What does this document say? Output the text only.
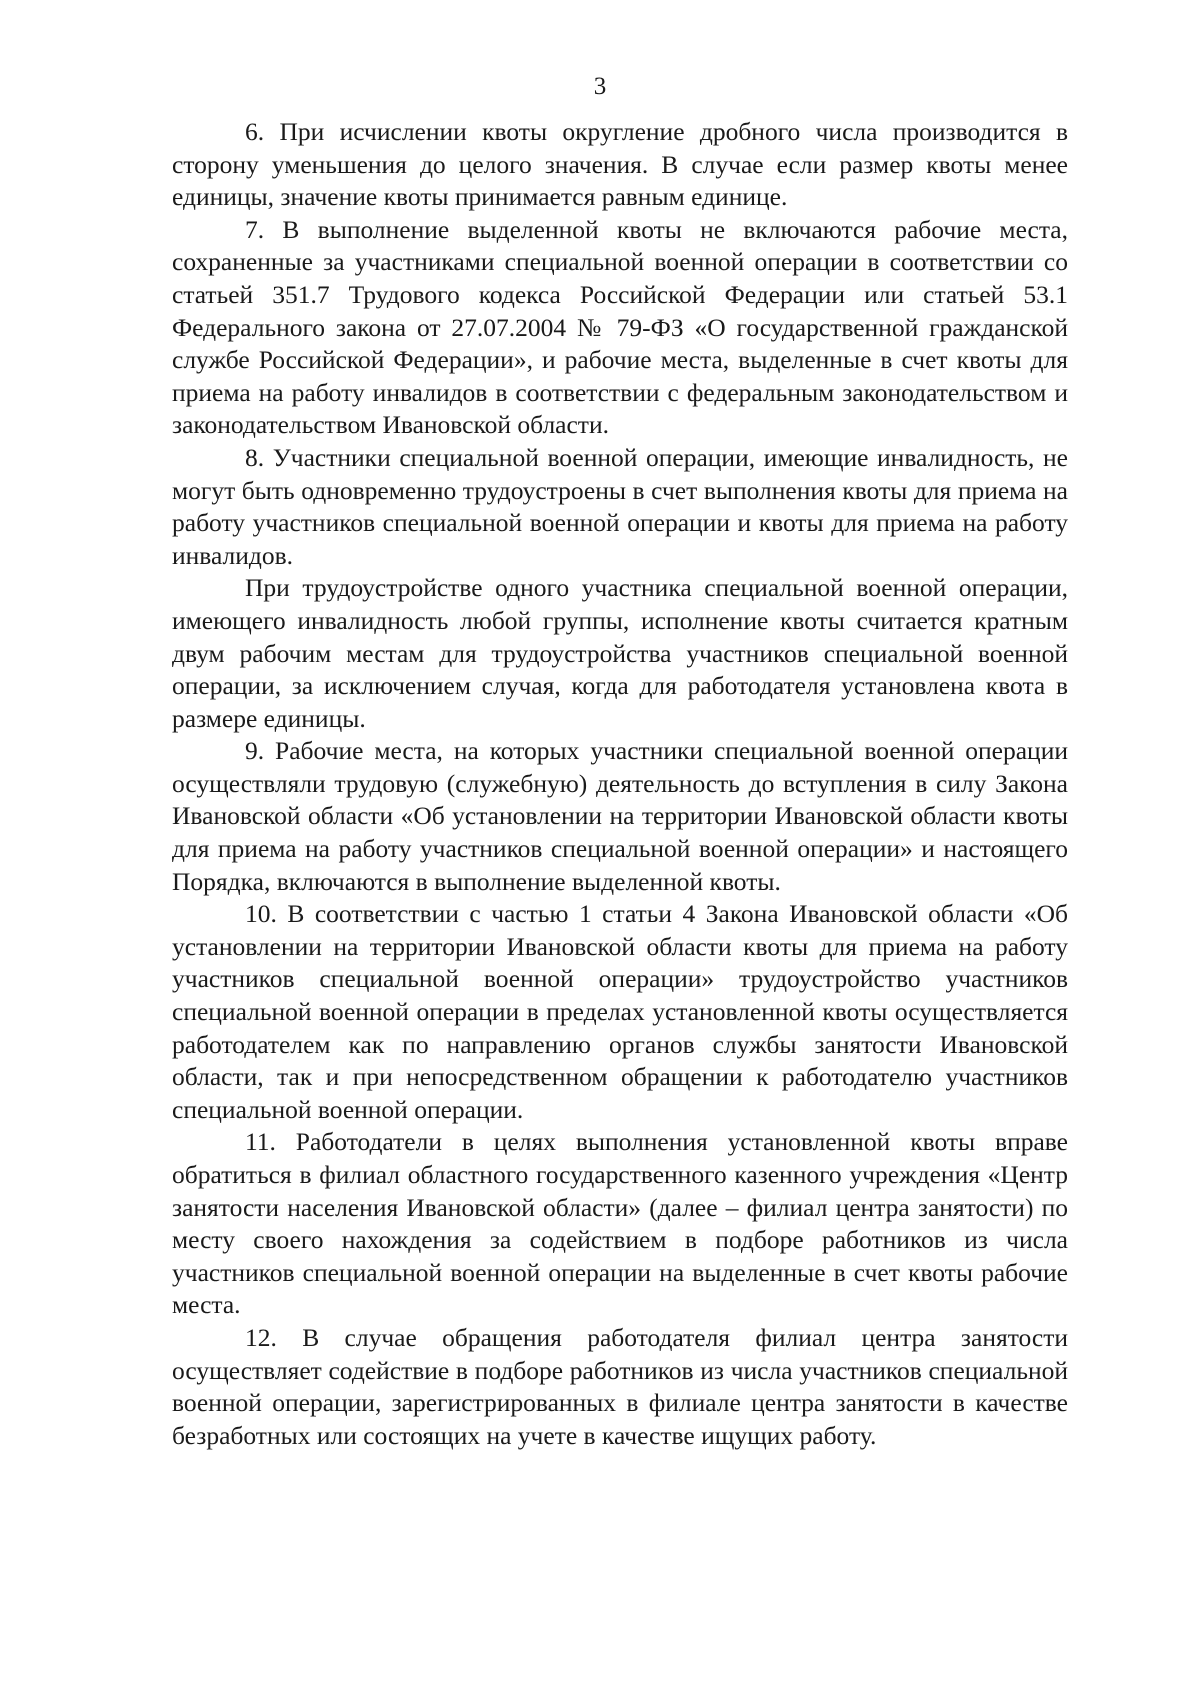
3

6. При исчислении квоты округление дробного числа производится в сторону уменьшения до целого значения. В случае если размер квоты менее единицы, значение квоты принимается равным единице.

7. В выполнение выделенной квоты не включаются рабочие места, сохраненные за участниками специальной военной операции в соответствии со статьей 351.7 Трудового кодекса Российской Федерации или статьей 53.1 Федерального закона от 27.07.2004 № 79-ФЗ «О государственной гражданской службе Российской Федерации», и рабочие места, выделенные в счет квоты для приема на работу инвалидов в соответствии с федеральным законодательством и законодательством Ивановской области.

8. Участники специальной военной операции, имеющие инвалидность, не могут быть одновременно трудоустроены в счет выполнения квоты для приема на работу участников специальной военной операции и квоты для приема на работу инвалидов.

При трудоустройстве одного участника специальной военной операции, имеющего инвалидность любой группы, исполнение квоты считается кратным двум рабочим местам для трудоустройства участников специальной военной операции, за исключением случая, когда для работодателя установлена квота в размере единицы.

9. Рабочие места, на которых участники специальной военной операции осуществляли трудовую (служебную) деятельность до вступления в силу Закона Ивановской области «Об установлении на территории Ивановской области квоты для приема на работу участников специальной военной операции» и настоящего Порядка, включаются в выполнение выделенной квоты.

10. В соответствии с частью 1 статьи 4 Закона Ивановской области «Об установлении на территории Ивановской области квоты для приема на работу участников специальной военной операции» трудоустройство участников специальной военной операции в пределах установленной квоты осуществляется работодателем как по направлению органов службы занятости Ивановской области, так и при непосредственном обращении к работодателю участников специальной военной операции.

11. Работодатели в целях выполнения установленной квоты вправе обратиться в филиал областного государственного казенного учреждения «Центр занятости населения Ивановской области» (далее – филиал центра занятости) по месту своего нахождения за содействием в подборе работников из числа участников специальной военной операции на выделенные в счет квоты рабочие места.

12. В случае обращения работодателя филиал центра занятости осуществляет содействие в подборе работников из числа участников специальной военной операции, зарегистрированных в филиале центра занятости в качестве безработных или состоящих на учете в качестве ищущих работу.
